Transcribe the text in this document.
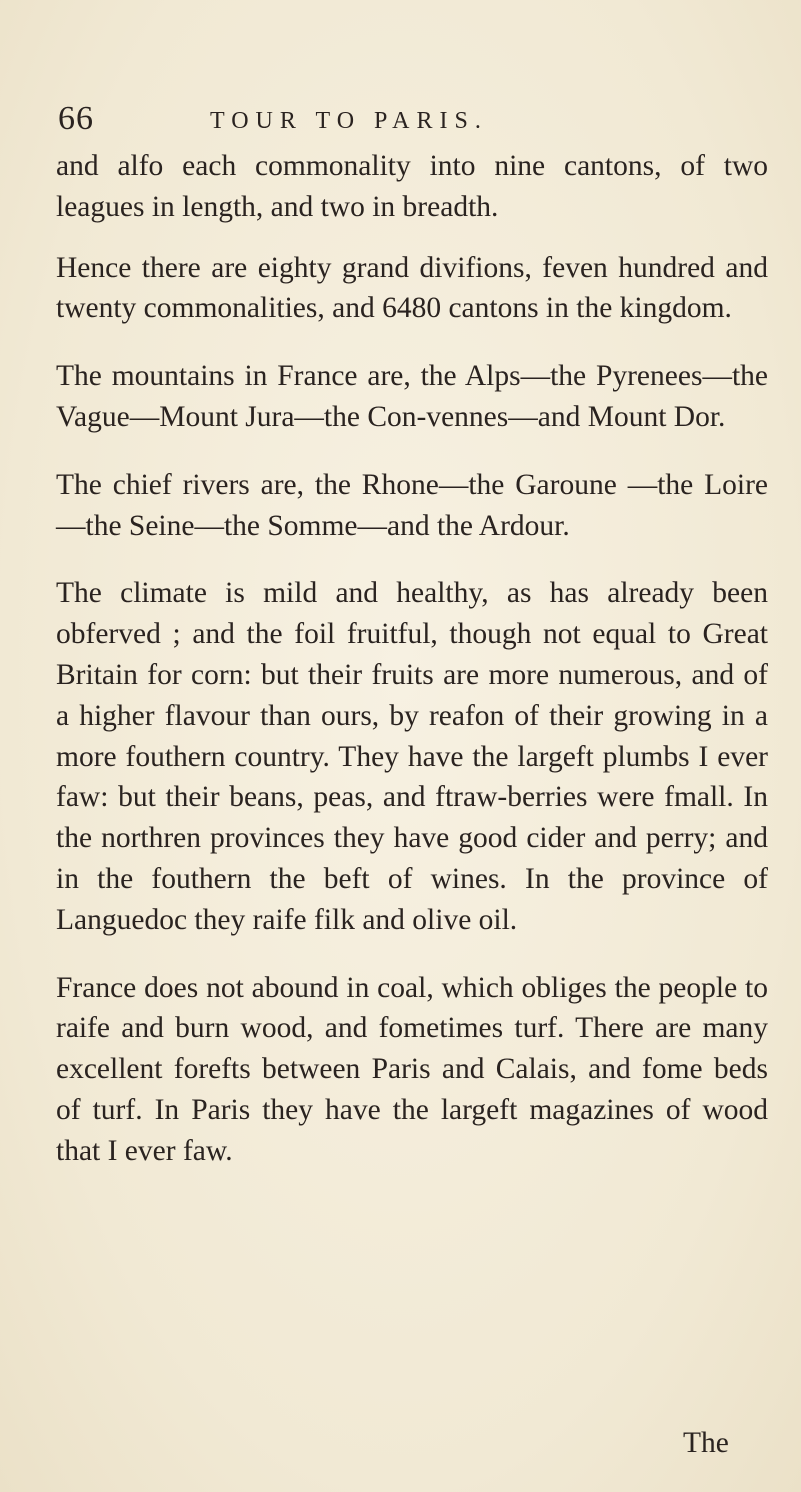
66	TOUR TO PARIS.

and alfo each commonality into nine cantons, of two leagues in length, and two in breadth.

Hence there are eighty grand divifions, feven hundred and twenty commonalities, and 6480 cantons in the kingdom.

The mountains in France are, the Alps—the Pyrenees—the Vague—Mount Jura—the Con-vennes—and Mount Dor.

The chief rivers are, the Rhone—the Garoune —the Loire—the Seine—the Somme—and the Ardour.

The climate is mild and healthy, as has already been obferved ; and the foil fruitful, though not equal to Great Britain for corn: but their fruits are more numerous, and of a higher flavour than ours, by reafon of their growing in a more fouthern country. They have the largeft plumbs I ever faw: but their beans, peas, and ftraw-berries were fmall. In the northren provinces they have good cider and perry; and in the fouthern the beft of wines. In the province of Languedoc they raife filk and olive oil.

France does not abound in coal, which obliges the people to raife and burn wood, and fometimes turf. There are many excellent forefts between Paris and Calais, and fome beds of turf. In Paris they have the largeft magazines of wood that I ever faw.

The
